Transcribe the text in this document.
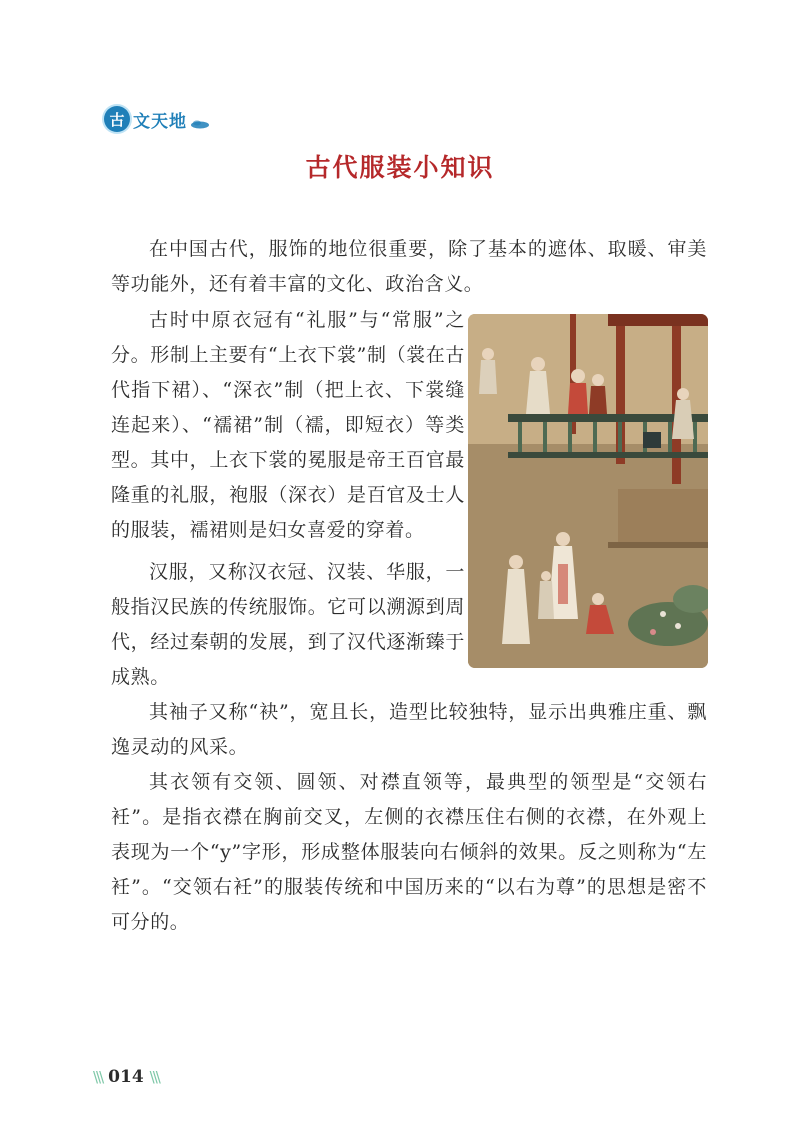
古 文天地
古代服装小知识

在中国古代，服饰的地位很重要，除了基本的遮体、取暖、审美等功能外，还有着丰富的文化、政治含义。

古时中原衣冠有“礼服”与“常服”之分。形制上主要有“上衣下裳”制（裳在古代指下裙）、“深衣”制（把上衣、下裳缝连起来）、“襦裙”制（襦，即短衣）等类型。其中，上衣下裳的冕服是帝王百官最隆重的礼服，袍服（深衣）是百官及士人的服装，襦裙则是妇女喜爱的穿着。

汉服，又称汉衣冠、汉装、华服，一般指汉民族的传统服饰。它可以溯源到周代，经过秦朝的发展，到了汉代逐渐臻于成熟。

其袖子又称“袂”，宽且长，造型比较独特，显示出典雅庄重、飘逸灵动的风采。

其衣领有交领、圆领、对襟直领等，最典型的领型是“交领右衽”。是指衣襟在胸前交叉，左侧的衣襟压住右侧的衣襟，在外观上表现为一个“y”字形，形成整体服装向右倾斜的效果。反之则称为“左衽”。“交领右衽”的服装传统和中国历来的“以右为尊”的思想是密不可分的。

\\\ 014 \\\
